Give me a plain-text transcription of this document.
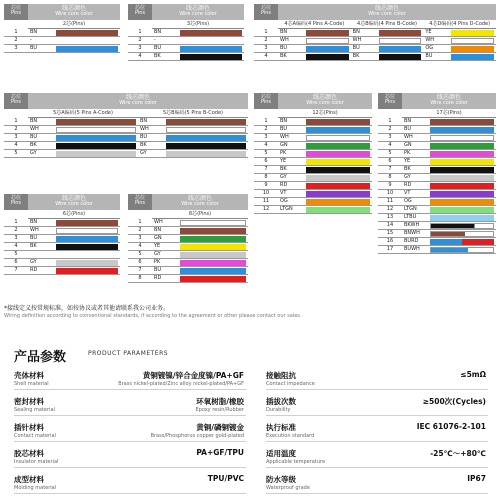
芯位
Pins
线芯颜色
Wire core color
2芯(Pins)
1	BN
2	-
3	BU
芯位
Pins
线芯颜色
Wire core color
3芯(Pins)
1	BN
2	-
3	BU
4	BK
芯位
Pins
线芯颜色
Wire core color
4芯A编码(4 Pins A-Code)	4芯B编码(4 Pins B-Code)	4芯D编码(4 Pins D-Code)
1	BN	BN	YE
2	WH	WH	WH
3	BU	BU	OG
4	BK	BK	BU
芯位
Pins
线芯颜色
Wire core color
5芯A编码(5 Pins A-Code)	5芯B编码(5 Pins B-Code)
1	BN	BN
2	WH	WH
3	BU	BU
4	BK	BK
5	GY	GY
芯位
Pins
线芯颜色
Wire core color
12芯(Pins)
1	BN
2	BU
3	WH
4	GN
5	PK
6	YE
7	BK
8	GY
9	RD
10	VT
11	OG
12	LTGN
芯位
Pins
线芯颜色
Wire core color
17芯(Pins)
1	BN
2	BU
3	WH
4	GN
5	PK
6	YE
7	BK
8	GY
9	RD
10	VT
11	OG
12	LTGN
13	LTBU
14	BKWH
15	BNWH
16	BURD
17	BUWH
芯位
Pins
线芯颜色
Wire core color
6芯(Pins)
1	BN
2	WH
3	BU
4	BK
5
6	GY
7	RD
芯位
Pins
线芯颜色
Wire core color
8芯(Pins)
1	WH
2	BN
3	GN
4	YE
5	GY
6	PK
7	BU
8	RD
*接线定义按常规标准，如按协议或者其他请联系我公司业务。
Wiring definition according to conventional standards, if according to the agreement or other please contact our sales.
产品参数	PRODUCT PARAMETERS
壳体材料
Shell material
黄铜镀镍/锌合金度镍/PA+GF
Brass nickel-plated/Zinc alloy nickel-plated/PA+GF
密封材料
Sealing material
环氧树脂/橡胶
Epoxy resin/Rubber
插针材料
Contact material
黄铜/磷铜镀金
Brass/Phosphorus copper gold-plated
胶芯材料
Insulator material
PA+GF/TPU
成型材料
Molding material
TPU/PVC
接触阻抗
Contact impedance
≤5mΩ
插拔次数
Durability
≥500次(Cycles)
执行标准
Execution standard
IEC 61076-2-101
适用温度
Applicable temperature
-25℃～+80℃
防水等级
Waterproof grade
IP67
